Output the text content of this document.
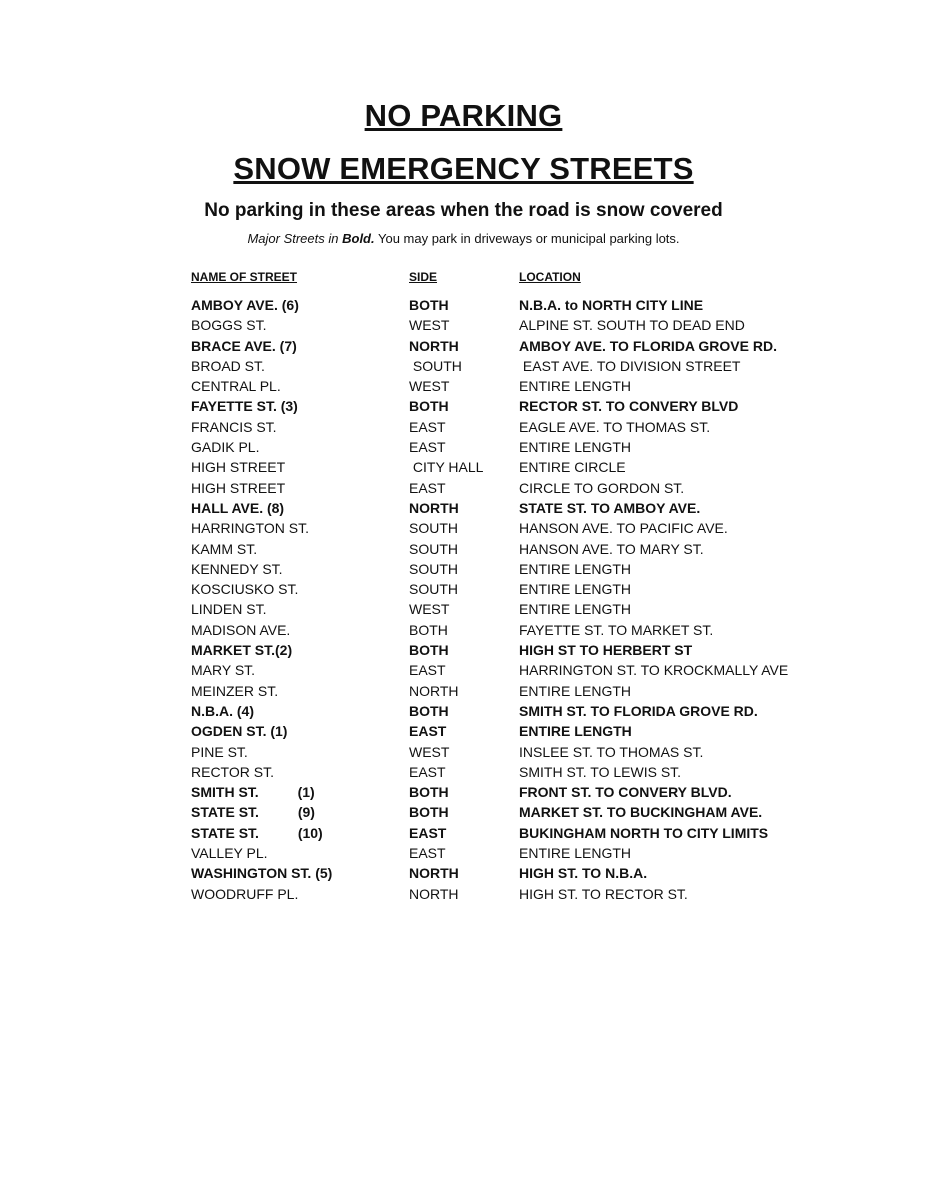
NO PARKING
SNOW EMERGENCY STREETS

No parking in these areas when the road is snow covered

Major Streets in Bold. You may park in driveways or municipal parking lots.

NAME OF STREET	SIDE	LOCATION
AMBOY AVE. (6)	BOTH	N.B.A. to NORTH CITY LINE
BOGGS ST.	WEST	ALPINE ST. SOUTH TO DEAD END
BRACE AVE. (7)	NORTH	AMBOY AVE. TO FLORIDA GROVE RD.
BROAD ST.	SOUTH	EAST AVE. TO DIVISION STREET
CENTRAL PL.	WEST	ENTIRE LENGTH
FAYETTE ST. (3)	BOTH	RECTOR ST. TO CONVERY BLVD
FRANCIS ST.	EAST	EAGLE AVE. TO THOMAS ST.
GADIK PL.	EAST	ENTIRE LENGTH
HIGH STREET	CITY HALL	ENTIRE CIRCLE
HIGH STREET	EAST	CIRCLE TO GORDON ST.
HALL AVE. (8)	NORTH	STATE ST. TO AMBOY AVE.
HARRINGTON ST.	SOUTH	HANSON AVE. TO PACIFIC AVE.
KAMM ST.	SOUTH	HANSON AVE. TO MARY ST.
KENNEDY ST.	SOUTH	ENTIRE LENGTH
KOSCIUSKO ST.	SOUTH	ENTIRE LENGTH
LINDEN ST.	WEST	ENTIRE LENGTH
MADISON AVE.	BOTH	FAYETTE ST. TO MARKET ST.
MARKET ST.(2)	BOTH	HIGH ST TO HERBERT ST
MARY ST.	EAST	HARRINGTON ST. TO KROCKMALLY AVE
MEINZER ST.	NORTH	ENTIRE LENGTH
N.B.A. (4)	BOTH	SMITH ST. TO FLORIDA GROVE RD.
OGDEN ST. (1)	EAST	ENTIRE LENGTH
PINE ST.	WEST	INSLEE ST. TO THOMAS ST.
RECTOR ST.	EAST	SMITH ST. TO LEWIS ST.
SMITH ST.          (1)	BOTH	FRONT ST. TO CONVERY BLVD.
STATE ST.          (9)	BOTH	MARKET ST. TO BUCKINGHAM AVE.
STATE ST.          (10)	EAST	BUKINGHAM NORTH TO CITY LIMITS
VALLEY PL.	EAST	ENTIRE LENGTH
WASHINGTON ST. (5)	NORTH	HIGH ST. TO N.B.A.
WOODRUFF PL.	NORTH	HIGH ST. TO RECTOR ST.
